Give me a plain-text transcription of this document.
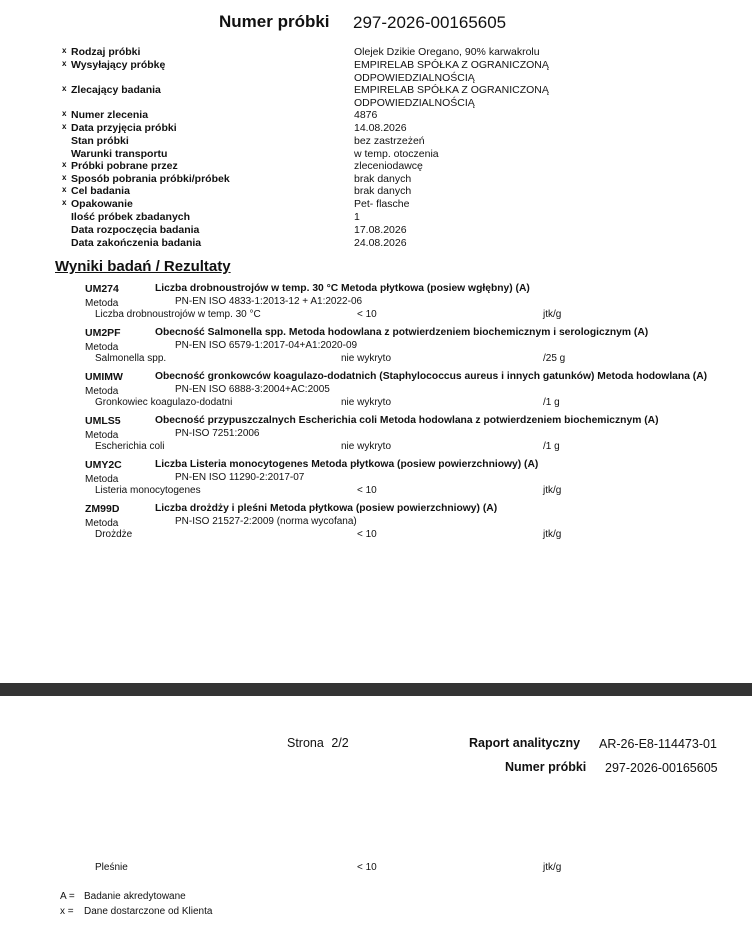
Numer próbki 297-2026-00165605
x Rodzaj próbki	Olejek Dzikie Oregano, 90% karwakrolu
x Wysyłający próbkę	EMPIRELAB SPÓŁKA Z OGRANICZONĄ
ODPOWIEDZIALNOŚCIĄ
x Zlecający badania	EMPIRELAB SPÓŁKA Z OGRANICZONĄ
ODPOWIEDZIALNOŚCIĄ
x Numer zlecenia	4876
x Data przyjęcia próbki	14.08.2026
Stan próbki	bez zastrzeżeń
Warunki transportu	w temp. otoczenia
x Próbki pobrane przez	zleceniodawcę
x Sposób pobrania próbki/próbek	brak danych
x Cel badania	brak danych
x Opakowanie	Pet- flasche
Ilość próbek zbadanych	1
Data rozpoczęcia badania	17.08.2026
Data zakończenia badania	24.08.2026
Wyniki badań / Rezultaty
UM274	Liczba drobnoustrojów w temp. 30 °C Metoda płytkowa (posiew wgłębny) (A)
Metoda	PN-EN ISO 4833-1:2013-12 + A1:2022-06
Liczba drobnoustrojów w temp. 30 °C	< 10	jtk/g
UM2PF	Obecność Salmonella spp. Metoda hodowlana z potwierdzeniem biochemicznym i serologicznym (A)
Metoda	PN-EN ISO 6579-1:2017-04+A1:2020-09
Salmonella spp.	nie wykryto	/25 g
UMIMW	Obecność gronkowców koagulazo-dodatnich (Staphylococcus aureus i innych gatunków) Metoda hodowlana (A)
Metoda	PN-EN ISO 6888-3:2004+AC:2005
Gronkowiec koagulazo-dodatni	nie wykryto	/1 g
UMLS5	Obecność przypuszczalnych Escherichia coli Metoda hodowlana z potwierdzeniem biochemicznym (A)
Metoda	PN-ISO 7251:2006
Escherichia coli	nie wykryto	/1 g
UMY2C	Liczba Listeria monocytogenes Metoda płytkowa (posiew powierzchniowy) (A)
Metoda	PN-EN ISO 11290-2:2017-07
Listeria monocytogenes	< 10	jtk/g
ZM99D	Liczba drożdży i pleśni Metoda płytkowa (posiew powierzchniowy) (A)
Metoda	PN-ISO 21527-2:2009 (norma wycofana)
Drożdże	< 10	jtk/g
Strona 2/2	Raport analityczny AR-26-E8-114473-01
Numer próbki 297-2026-00165605
Pleśnie	< 10	jtk/g
A = Badanie akredytowane
x = Dane dostarczone od Klienta
